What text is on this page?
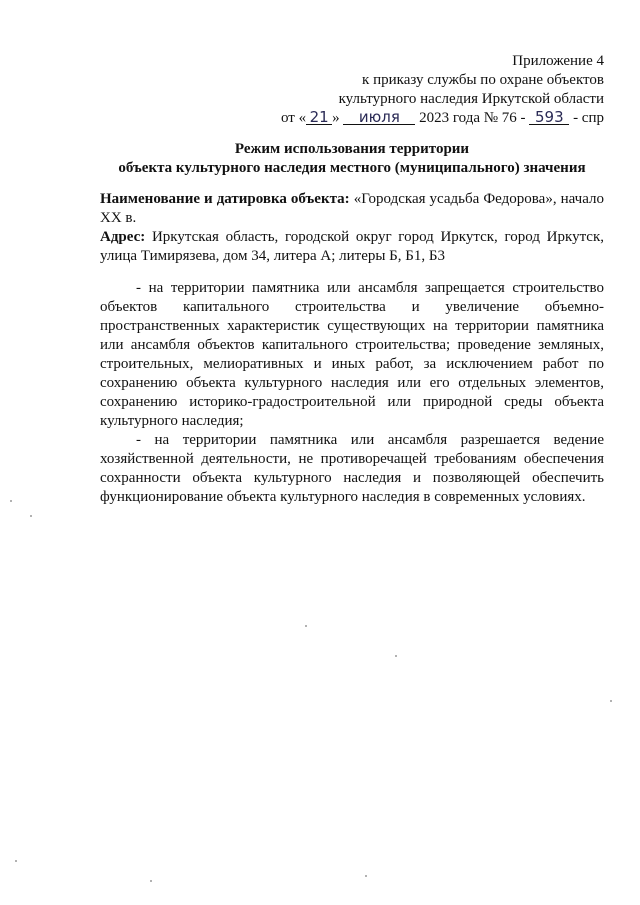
Приложение 4
к приказу службы по охране объектов
культурного наследия Иркутской области
от « 21 » июля 2023 года № 76 - 593 - спр
Режим использования территории
объекта культурного наследия местного (муниципального) значения
Наименование и датировка объекта: «Городская усадьба Федорова», начало XX в.
Адрес: Иркутская область, городской округ город Иркутск, город Иркутск, улица Тимирязева, дом 34, литера А; литеры Б, Б1, Б3

- на территории памятника или ансамбля запрещается строительство объектов капитального строительства и увеличение объемно-пространственных характеристик существующих на территории памятника или ансамбля объектов капитального строительства; проведение земляных, строительных, мелиоративных и иных работ, за исключением работ по сохранению объекта культурного наследия или его отдельных элементов, сохранению историко-градостроительной или природной среды объекта культурного наследия;

- на территории памятника или ансамбля разрешается ведение хозяйственной деятельности, не противоречащей требованиям обеспечения сохранности объекта культурного наследия и позволяющей обеспечить функционирование объекта культурного наследия в современных условиях.
